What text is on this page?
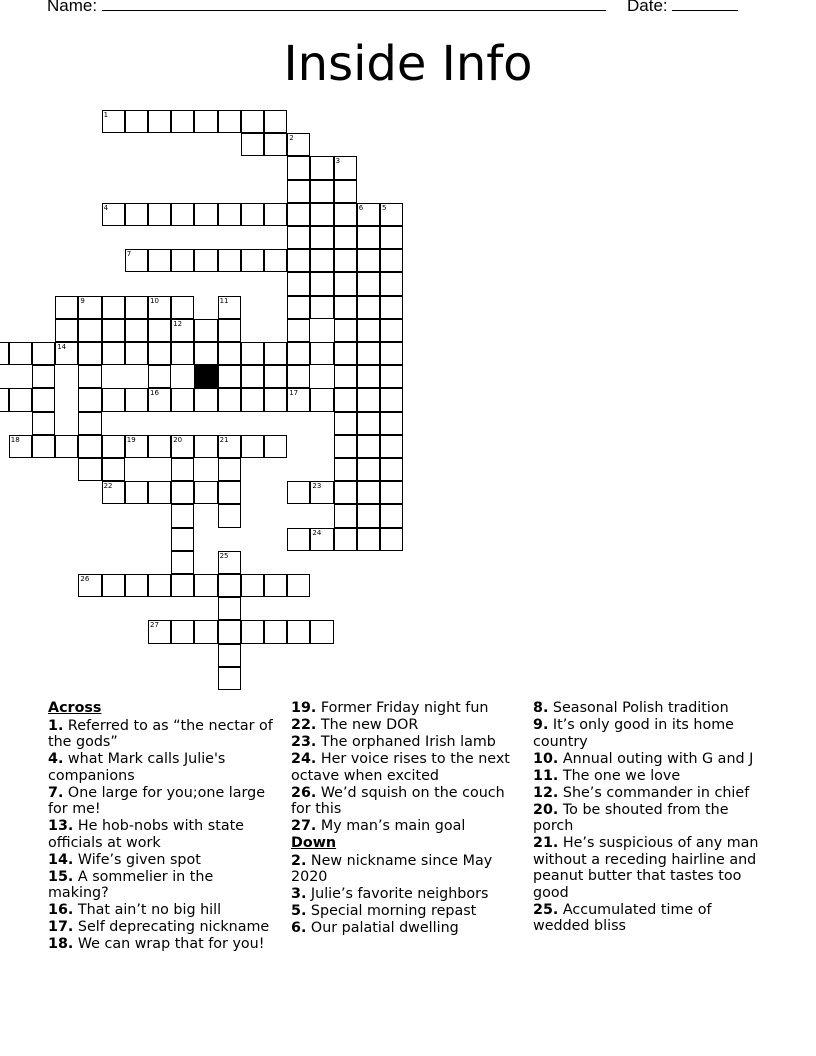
Name:	Date:
Inside Info
1
2
3
6	5
4
7
9	10	11
12
14
16	17
18	19	20	21
22	23
24
25
26
27
Across
1. Referred to as “the nectar of the gods”
4. what Mark calls Julie's companions
7. One large for you;one large for me!
13. He hob-nobs with state officials at work
14. Wife’s given spot
15. A sommelier in the making?
16. That ain’t no big hill
17. Self deprecating nickname
18. We can wrap that for you!
19. Former Friday night fun
22. The new DOR
23. The orphaned Irish lamb
24. Her voice rises to the next octave when excited
26. We’d squish on the couch for this
27. My man’s main goal
Down
2. New nickname since May 2020
3. Julie’s favorite neighbors
5. Special morning repast
6. Our palatial dwelling
8. Seasonal Polish tradition
9. It’s only good in its home country
10. Annual outing with G and J
11. The one we love
12. She’s commander in chief
20. To be shouted from the porch
21. He’s suspicious of any man without a receding hairline and peanut butter that tastes too good
25. Accumulated time of wedded bliss
